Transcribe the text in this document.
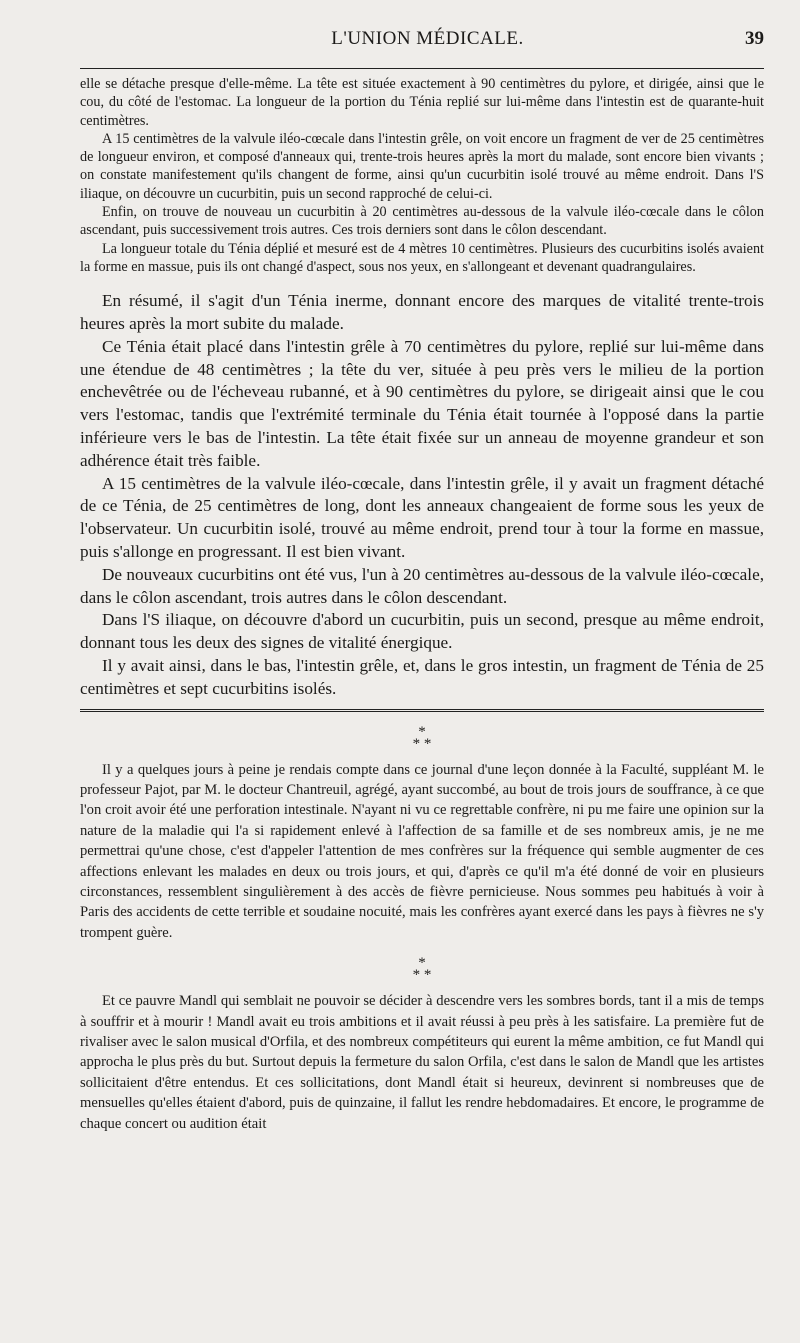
L'UNION MÉDICALE.	39

elle se détache presque d'elle-même. La tête est située exactement à 90 centimètres du pylore, et dirigée, ainsi que le cou, du côté de l'estomac. La longueur de la portion du Ténia replié sur lui-même dans l'intestin est de quarante-huit centimètres.

A 15 centimètres de la valvule iléo-cœcale dans l'intestin grêle, on voit encore un fragment de ver de 25 centimètres de longueur environ, et composé d'anneaux qui, trente-trois heures après la mort du malade, sont encore bien vivants ; on constate manifestement qu'ils changent de forme, ainsi qu'un cucurbitin isolé trouvé au même endroit. Dans l'S iliaque, on découvre un cucurbitin, puis un second rapproché de celui-ci.

Enfin, on trouve de nouveau un cucurbitin à 20 centimètres au-dessous de la valvule iléo-cœcale dans le côlon ascendant, puis successivement trois autres. Ces trois derniers sont dans le côlon descendant.

La longueur totale du Ténia déplié et mesuré est de 4 mètres 10 centimètres. Plusieurs des cucurbitins isolés avaient la forme en massue, puis ils ont changé d'aspect, sous nos yeux, en s'allongeant et devenant quadrangulaires.

En résumé, il s'agit d'un Ténia inerme, donnant encore des marques de vitalité trente-trois heures après la mort subite du malade.

Ce Ténia était placé dans l'intestin grêle à 70 centimètres du pylore, replié sur lui-même dans une étendue de 48 centimètres ; la tête du ver, située à peu près vers le milieu de la portion enchevêtrée ou de l'écheveau rubanné, et à 90 centimètres du pylore, se dirigeait ainsi que le cou vers l'estomac, tandis que l'extrémité terminale du Ténia était tournée à l'opposé dans la partie inférieure vers le bas de l'intestin. La tête était fixée sur un anneau de moyenne grandeur et son adhérence était très faible.

A 15 centimètres de la valvule iléo-cœcale, dans l'intestin grêle, il y avait un fragment détaché de ce Ténia, de 25 centimètres de long, dont les anneaux changeaient de forme sous les yeux de l'observateur. Un cucurbitin isolé, trouvé au même endroit, prend tour à tour la forme en massue, puis s'allonge en progressant. Il est bien vivant.

De nouveaux cucurbitins ont été vus, l'un à 20 centimètres au-dessous de la valvule iléo-cœcale, dans le côlon ascendant, trois autres dans le côlon descendant.

Dans l'S iliaque, on découvre d'abord un cucurbitin, puis un second, presque au même endroit, donnant tous les deux des signes de vitalité énergique.

Il y avait ainsi, dans le bas, l'intestin grêle, et, dans le gros intestin, un fragment de Ténia de 25 centimètres et sept cucurbitins isolés.

*
* *

Il y a quelques jours à peine je rendais compte dans ce journal d'une leçon donnée à la Faculté, suppléant M. le professeur Pajot, par M. le docteur Chantreuil, agrégé, ayant succombé, au bout de trois jours de souffrance, à ce que l'on croit avoir été une perforation intestinale. N'ayant ni vu ce regrettable confrère, ni pu me faire une opinion sur la nature de la maladie qui l'a si rapidement enlevé à l'affection de sa famille et de ses nombreux amis, je ne me permettrai qu'une chose, c'est d'appeler l'attention de mes confrères sur la fréquence qui semble augmenter de ces affections enlevant les malades en deux ou trois jours, et qui, d'après ce qu'il m'a été donné de voir en plusieurs circonstances, ressemblent singulièrement à des accès de fièvre pernicieuse. Nous sommes peu habitués à voir à Paris des accidents de cette terrible et soudaine nocuité, mais les confrères ayant exercé dans les pays à fièvres ne s'y trompent guère.

*
* *

Et ce pauvre Mandl qui semblait ne pouvoir se décider à descendre vers les sombres bords, tant il a mis de temps à souffrir et à mourir ! Mandl avait eu trois ambitions et il avait réussi à peu près à les satisfaire. La première fut de rivaliser avec le salon musical d'Orfila, et des nombreux compétiteurs qui eurent la même ambition, ce fut Mandl qui approcha le plus près du but. Surtout depuis la fermeture du salon Orfila, c'est dans le salon de Mandl que les artistes sollicitaient d'être entendus. Et ces sollicitations, dont Mandl était si heureux, devinrent si nombreuses que de mensuelles qu'elles étaient d'abord, puis de quinzaine, il fallut les rendre hebdomadaires. Et encore, le programme de chaque concert ou audition était
